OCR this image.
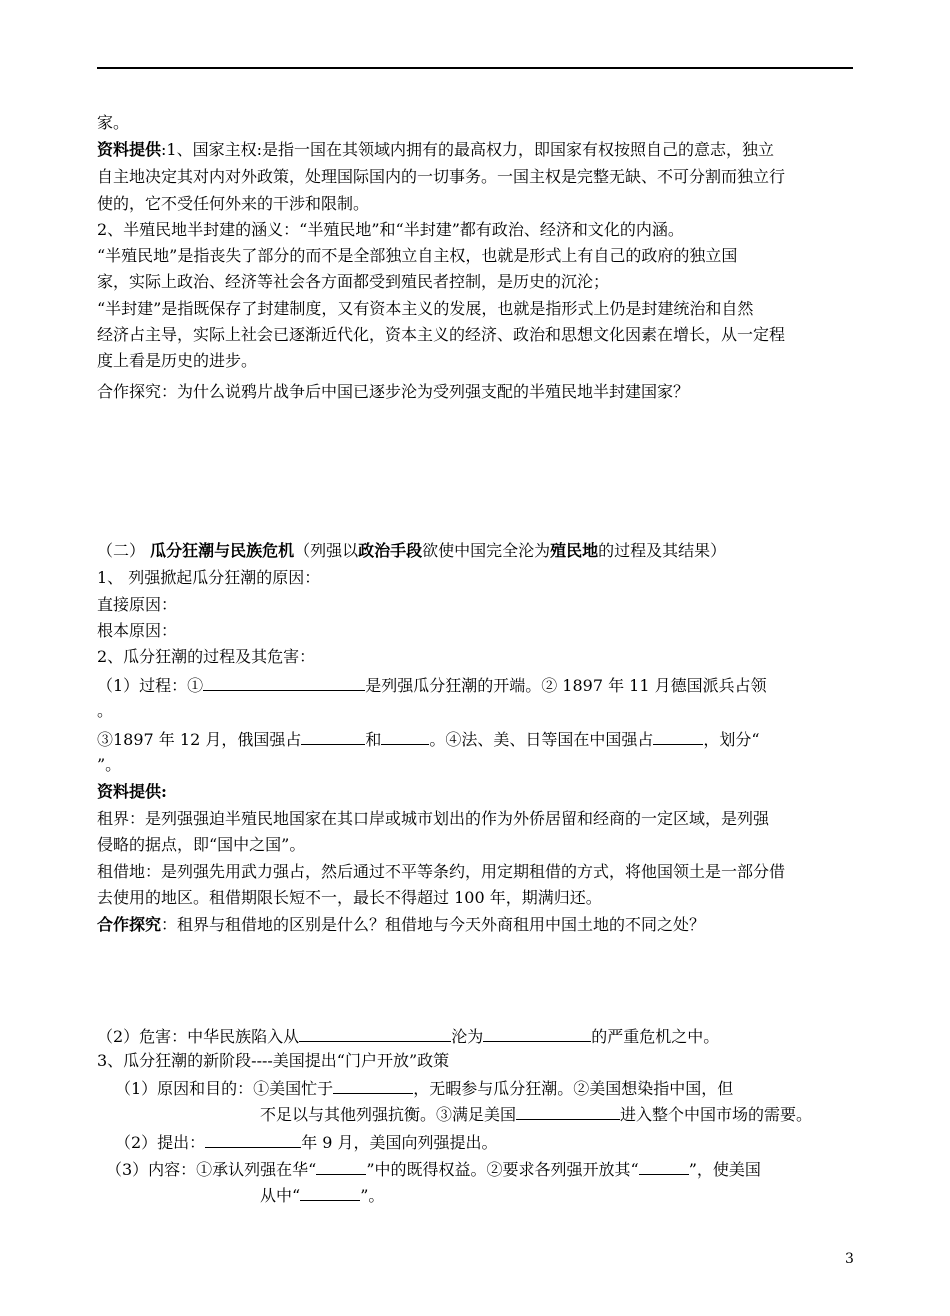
家。
资料提供:1、国家主权:是指一国在其领域内拥有的最高权力，即国家有权按照自己的意志，独立
自主地决定其对内对外政策，处理国际国内的一切事务。一国主权是完整无缺、不可分割而独立行
使的，它不受任何外来的干涉和限制。
2、半殖民地半封建的涵义：“半殖民地”和“半封建”都有政治、经济和文化的内涵。
“半殖民地”是指丧失了部分的而不是全部独立自主权，也就是形式上有自己的政府的独立国
家，实际上政治、经济等社会各方面都受到殖民者控制，是历史的沉沦；
“半封建”是指既保存了封建制度，又有资本主义的发展，也就是指形式上仍是封建统治和自然
经济占主导，实际上社会已逐渐近代化，资本主义的经济、政治和思想文化因素在增长，从一定程
度上看是历史的进步。
合作探究：为什么说鸦片战争后中国已逐步沦为受列强支配的半殖民地半封建国家？
（二） 瓜分狂潮与民族危机（列强以政治手段欲使中国完全沦为殖民地的过程及其结果）
1、 列强掀起瓜分狂潮的原因：
直接原因：
根本原因：
2、瓜分狂潮的过程及其危害：
（1）过程：①	是列强瓜分狂潮的开端。② 1897 年 11 月德国派兵占领
。
③1897 年 12 月，俄国强占	和	。④法、美、日等国在中国强占	，划分“
”。
资料提供:
租界：是列强强迫半殖民地国家在其口岸或城市划出的作为外侨居留和经商的一定区域，是列强
侵略的据点，即“国中之国”。
租借地：是列强先用武力强占，然后通过不平等条约，用定期租借的方式，将他国领土是一部分借
去使用的地区。租借期限长短不一，最长不得超过 100 年，期满归还。
合作探究：租界与租借地的区别是什么？租借地与今天外商租用中国土地的不同之处？
（2）危害：中华民族陷入从	沦为	的严重危机之中。
3、瓜分狂潮的新阶段----美国提出“门户开放”政策
（1）原因和目的：①美国忙于	，无暇参与瓜分狂潮。②美国想染指中国，但
不足以与其他列强抗衡。③满足美国	进入整个中国市场的需要。
（2）提出：	年 9 月，美国向列强提出。
（3）内容：①承认列强在华“	”中的既得权益。②要求各列强开放其“	”，使美国
从中“	”。
3
